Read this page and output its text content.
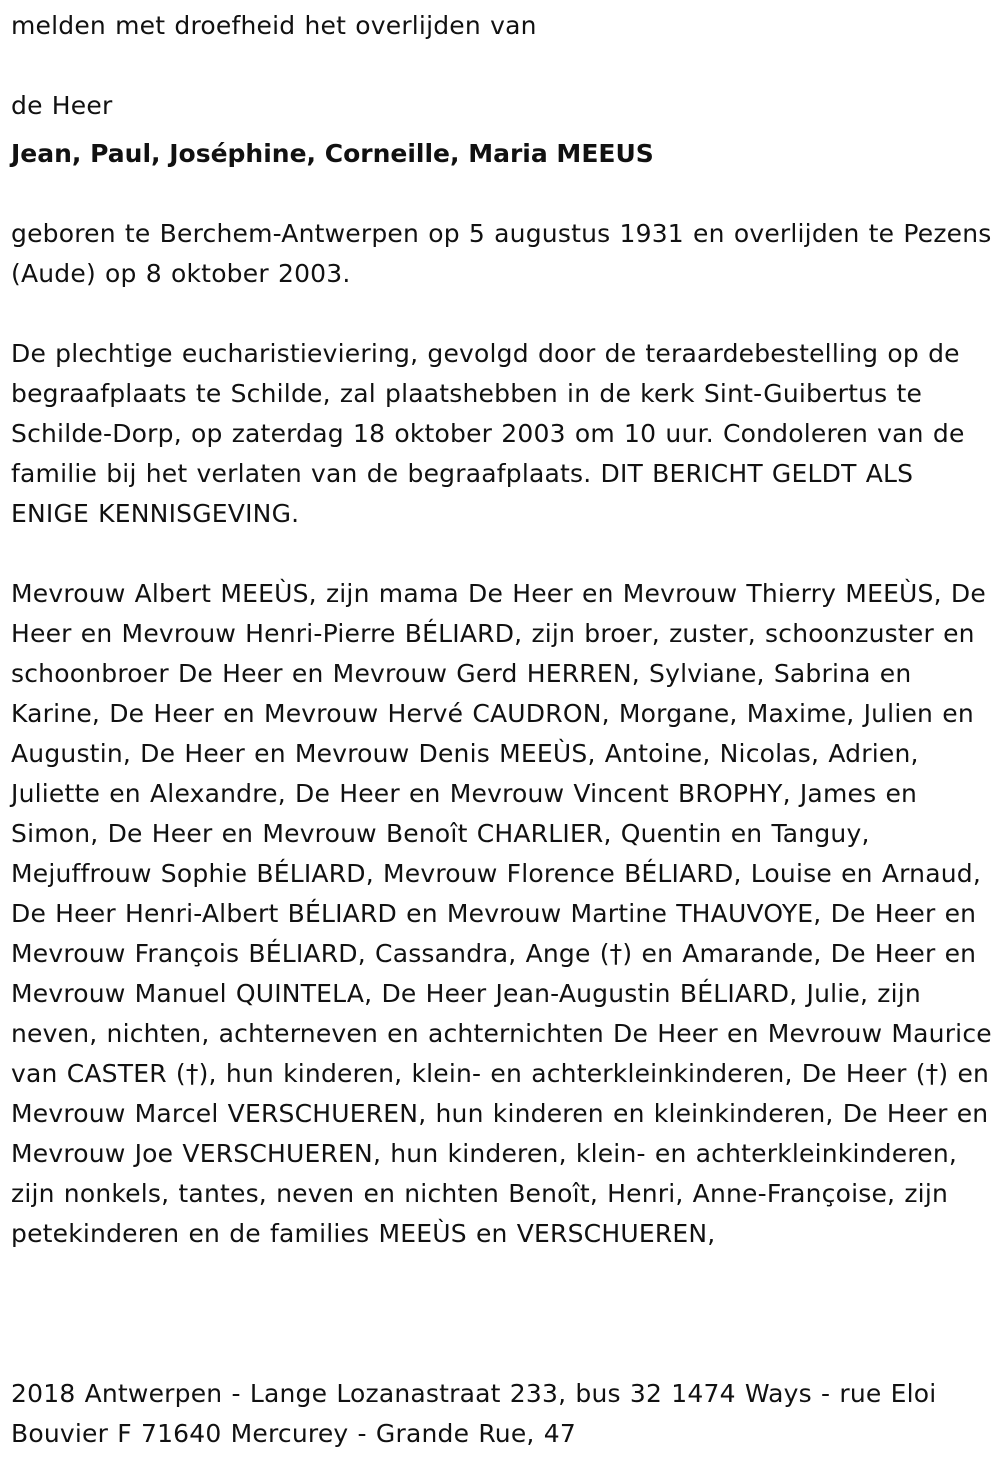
melden met droefheid het overlijden van
de Heer
Jean, Paul, Joséphine, Corneille, Maria MEEUS
geboren te Berchem-Antwerpen op 5 augustus 1931 en overlijden te Pezens (Aude) op 8 oktober 2003.
De plechtige eucharistieviering, gevolgd door de teraardebestelling op de begraafplaats te Schilde, zal plaatshebben in de kerk Sint-Guibertus te Schilde-Dorp, op zaterdag 18 oktober 2003 om 10 uur. Condoleren van de familie bij het verlaten van de begraafplaats. DIT BERICHT GELDT ALS ENIGE KENNISGEVING.
Mevrouw Albert MEEÙS, zijn mama De Heer en Mevrouw Thierry MEEÙS, De Heer en Mevrouw Henri-Pierre BÉLIARD, zijn broer, zuster, schoonzuster en schoonbroer De Heer en Mevrouw Gerd HERREN, Sylviane, Sabrina en Karine, De Heer en Mevrouw Hervé CAUDRON, Morgane, Maxime, Julien en Augustin, De Heer en Mevrouw Denis MEEÙS, Antoine, Nicolas, Adrien, Juliette en Alexandre, De Heer en Mevrouw Vincent BROPHY, James en Simon, De Heer en Mevrouw Benoît CHARLIER, Quentin en Tanguy, Mejuffrouw Sophie BÉLIARD, Mevrouw Florence BÉLIARD, Louise en Arnaud, De Heer Henri-Albert BÉLIARD en Mevrouw Martine THAUVOYE, De Heer en Mevrouw François BÉLIARD, Cassandra, Ange (†) en Amarande, De Heer en Mevrouw Manuel QUINTELA, De Heer Jean-Augustin BÉLIARD, Julie, zijn neven, nichten, achterneven en achternichten De Heer en Mevrouw Maurice van CASTER (†), hun kinderen, klein- en achterkleinkinderen, De Heer (†) en Mevrouw Marcel VERSCHUEREN, hun kinderen en kleinkinderen, De Heer en Mevrouw Joe VERSCHUEREN, hun kinderen, klein- en achterkleinkinderen, zijn nonkels, tantes, neven en nichten Benoît, Henri, Anne-Françoise, zijn petekinderen en de families MEEÙS en VERSCHUEREN,
2018 Antwerpen - Lange Lozanastraat 233, bus 32 1474 Ways - rue Eloi Bouvier F 71640 Mercurey - Grande Rue, 47
